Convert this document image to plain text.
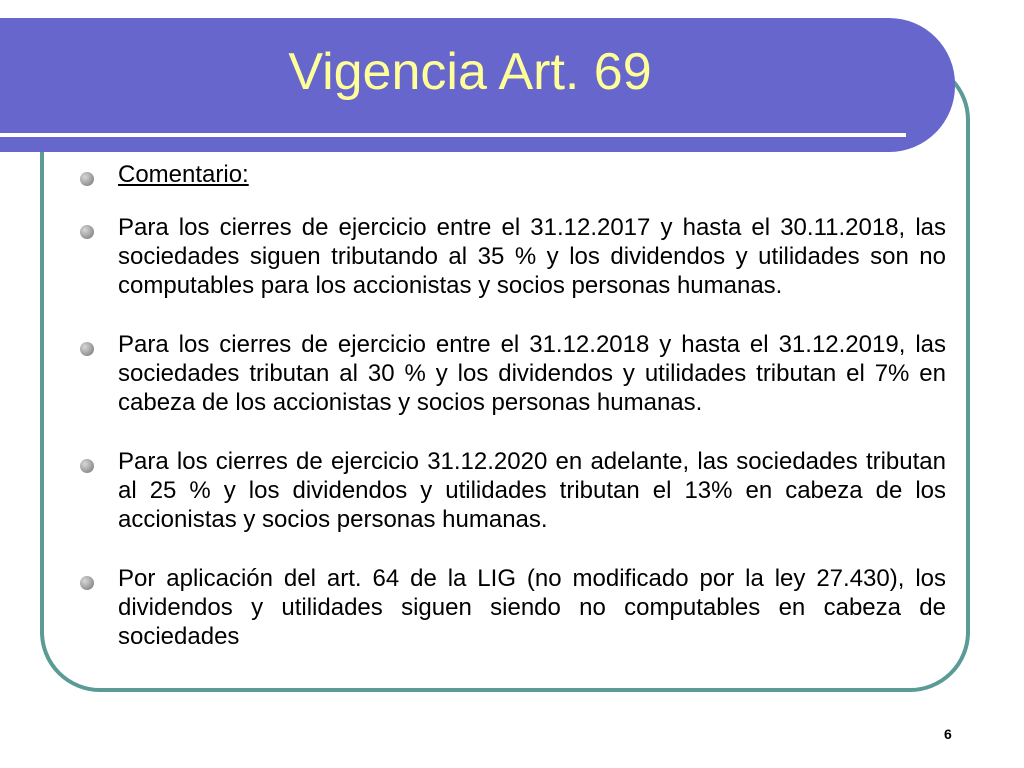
Vigencia Art. 69
Comentario:
Para los cierres de ejercicio entre el 31.12.2017 y hasta el 30.11.2018, las sociedades siguen tributando al 35 % y los dividendos y utilidades son no computables para los accionistas y socios personas humanas.
Para los cierres de ejercicio entre el 31.12.2018 y hasta el 31.12.2019, las sociedades tributan al 30 % y los dividendos y utilidades tributan el 7% en cabeza de los accionistas y socios personas humanas.
Para los cierres de ejercicio 31.12.2020 en adelante, las sociedades tributan al 25 % y los dividendos y utilidades tributan el 13% en cabeza de los accionistas y socios personas humanas.
Por aplicación del art. 64 de la LIG (no modificado por la ley 27.430), los dividendos y utilidades siguen siendo no computables en cabeza de sociedades
6
